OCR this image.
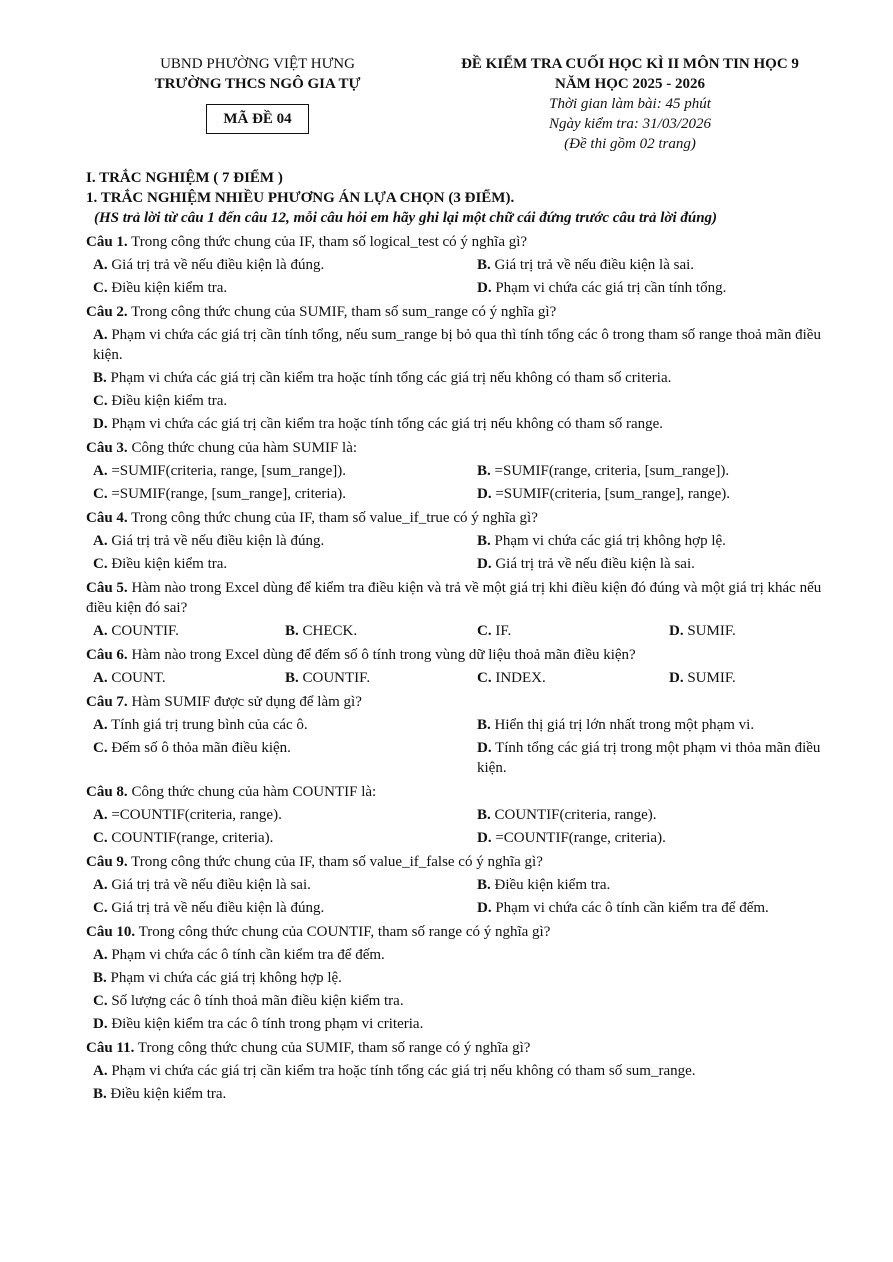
UBND PHƯỜNG VIỆT HƯNG
TRƯỜNG THCS NGÔ GIA TỰ
MÃ ĐỀ 04
ĐỀ KIỂM TRA CUỐI HỌC KÌ II MÔN TIN HỌC 9
NĂM HỌC 2025 - 2026
Thời gian làm bài: 45 phút
Ngày kiểm tra: 31/03/2026
(Đề thi gồm 02 trang)
I. TRẮC NGHIỆM ( 7 ĐIỂM )
1. TRẮC NGHIỆM NHIỀU PHƯƠNG ÁN LỰA CHỌN (3 ĐIỂM).
(HS trả lời từ câu 1 đến câu 12, mỗi câu hỏi em hãy ghi lại một chữ cái đứng trước câu trả lời đúng)
Câu 1. Trong công thức chung của IF, tham số logical_test có ý nghĩa gì?
A. Giá trị trả về nếu điều kiện là đúng.	B. Giá trị trả về nếu điều kiện là sai.
C. Điều kiện kiểm tra.	D. Phạm vi chứa các giá trị cần tính tổng.
Câu 2. Trong công thức chung của SUMIF, tham số sum_range có ý nghĩa gì?
A. Phạm vi chứa các giá trị cần tính tổng, nếu sum_range bị bỏ qua thì tính tổng các ô trong tham số range thoả mãn điều kiện.
B. Phạm vi chứa các giá trị cần kiểm tra hoặc tính tổng các giá trị nếu không có tham số criteria.
C. Điều kiện kiểm tra.
D. Phạm vi chứa các giá trị cần kiểm tra hoặc tính tổng các giá trị nếu không có tham số range.
Câu 3. Công thức chung của hàm SUMIF là:
A. =SUMIF(criteria, range, [sum_range]).	B. =SUMIF(range, criteria, [sum_range]).
C. =SUMIF(range, [sum_range], criteria).	D. =SUMIF(criteria, [sum_range], range).
Câu 4. Trong công thức chung của IF, tham số value_if_true có ý nghĩa gì?
A. Giá trị trả về nếu điều kiện là đúng.	B. Phạm vi chứa các giá trị không hợp lệ.
C. Điều kiện kiểm tra.	D. Giá trị trả về nếu điều kiện là sai.
Câu 5. Hàm nào trong Excel dùng để kiểm tra điều kiện và trả về một giá trị khi điều kiện đó đúng và một giá trị khác nếu điều kiện đó sai?
A. COUNTIF.	B. CHECK.	C. IF.	D. SUMIF.
Câu 6. Hàm nào trong Excel dùng để đếm số ô tính trong vùng dữ liệu thoả mãn điều kiện?
A. COUNT.	B. COUNTIF.	C. INDEX.	D. SUMIF.
Câu 7. Hàm SUMIF được sử dụng để làm gì?
A. Tính giá trị trung bình của các ô.	B. Hiển thị giá trị lớn nhất trong một phạm vi.
C. Đếm số ô thỏa mãn điều kiện.	D. Tính tổng các giá trị trong một phạm vi thỏa mãn điều kiện.
Câu 8. Công thức chung của hàm COUNTIF là:
A. =COUNTIF(criteria, range).	B. COUNTIF(criteria, range).
C. COUNTIF(range, criteria).	D. =COUNTIF(range, criteria).
Câu 9. Trong công thức chung của IF, tham số value_if_false có ý nghĩa gì?
A. Giá trị trả về nếu điều kiện là sai.	B. Điều kiện kiểm tra.
C. Giá trị trả về nếu điều kiện là đúng.	D. Phạm vi chứa các ô tính cần kiểm tra để đếm.
Câu 10. Trong công thức chung của COUNTIF, tham số range có ý nghĩa gì?
A. Phạm vi chứa các ô tính cần kiểm tra để đếm.
B. Phạm vi chứa các giá trị không hợp lệ.
C. Số lượng các ô tính thoả mãn điều kiện kiểm tra.
D. Điều kiện kiểm tra các ô tính trong phạm vi criteria.
Câu 11. Trong công thức chung của SUMIF, tham số range có ý nghĩa gì?
A. Phạm vi chứa các giá trị cần kiểm tra hoặc tính tổng các giá trị nếu không có tham số sum_range.
B. Điều kiện kiểm tra.
